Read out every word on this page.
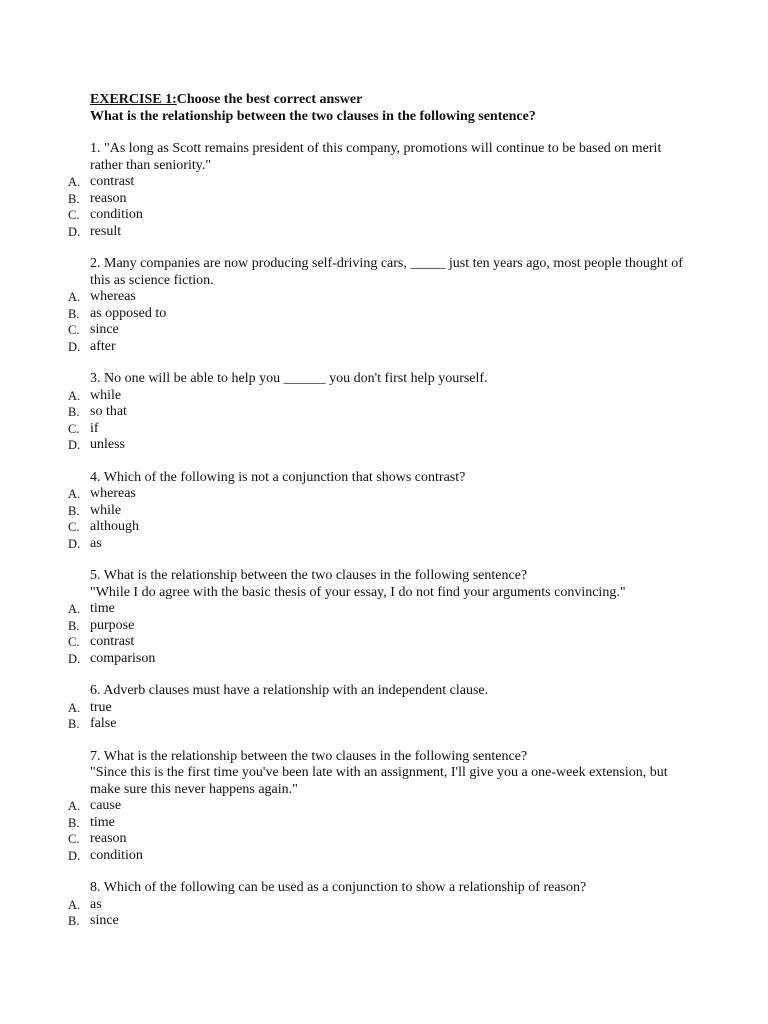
EXERCISE 1:Choose the best correct answer
What is the relationship between the two clauses in the following sentence?
1. "As long as Scott remains president of this company, promotions will continue to be based on merit
rather than seniority."
A. contrast
B. reason
C. condition
D. result
2. Many companies are now producing self-driving cars, _____ just ten years ago, most people thought of
this as science fiction.
A. whereas
B. as opposed to
C. since
D. after
3. No one will be able to help you ______ you don't first help yourself.
A. while
B. so that
C. if
D. unless
4. Which of the following is not a conjunction that shows contrast?
A. whereas
B. while
C. although
D. as
5. What is the relationship between the two clauses in the following sentence?
"While I do agree with the basic thesis of your essay, I do not find your arguments convincing."
A. time
B. purpose
C. contrast
D. comparison
6. Adverb clauses must have a relationship with an independent clause.
A. true
B. false
7. What is the relationship between the two clauses in the following sentence?
"Since this is the first time you've been late with an assignment, I'll give you a one-week extension, but
make sure this never happens again."
A. cause
B. time
C. reason
D. condition
8. Which of the following can be used as a conjunction to show a relationship of reason?
A. as
B. since
